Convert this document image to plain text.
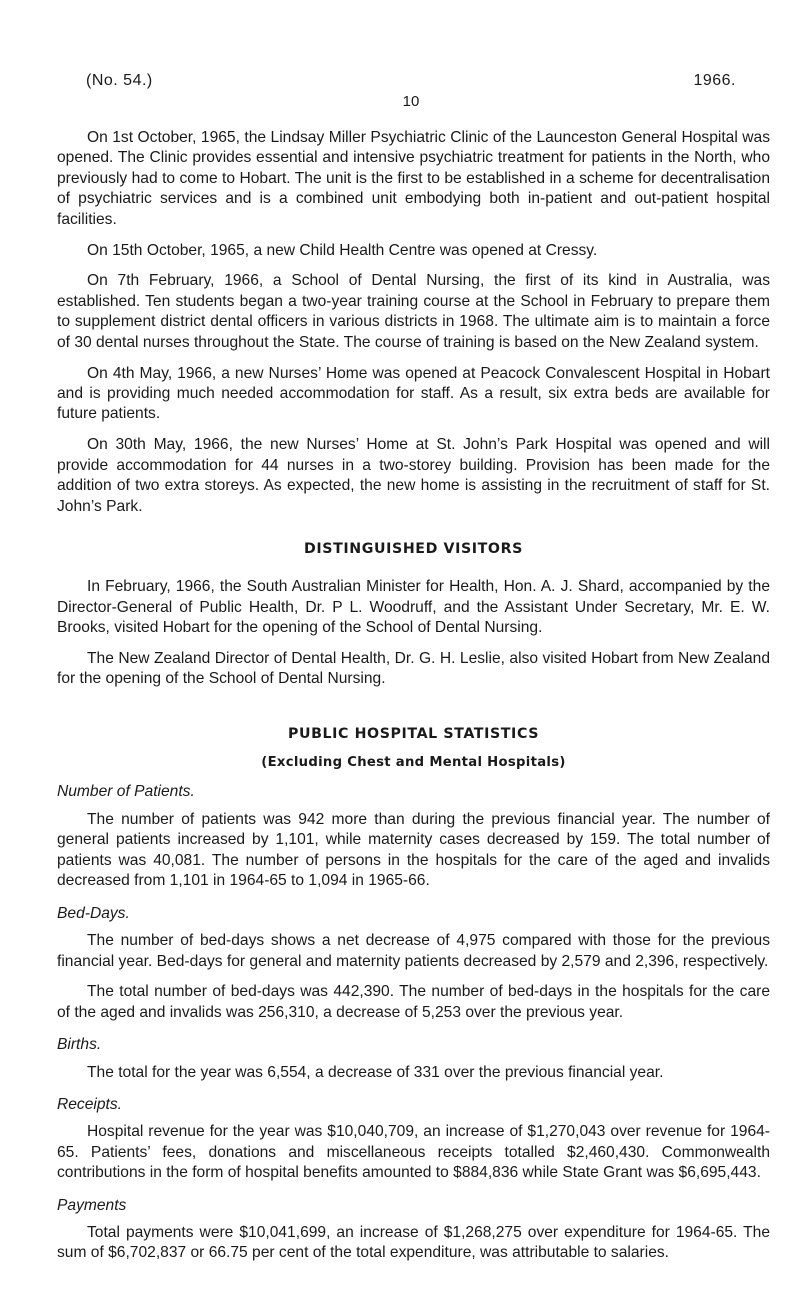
(No. 54.)	1966.
10

On 1st October, 1965, the Lindsay Miller Psychiatric Clinic of the Launceston General Hospital was opened. The Clinic provides essential and intensive psychiatric treatment for patients in the North, who previously had to come to Hobart. The unit is the first to be established in a scheme for decentralisation of psychiatric services and is a combined unit embodying both in-patient and out-patient hospital facilities.

On 15th October, 1965, a new Child Health Centre was opened at Cressy.

On 7th February, 1966, a School of Dental Nursing, the first of its kind in Australia, was established. Ten students began a two-year training course at the School in February to prepare them to supplement district dental officers in various districts in 1968. The ultimate aim is to maintain a force of 30 dental nurses throughout the State. The course of training is based on the New Zealand system.

On 4th May, 1966, a new Nurses’ Home was opened at Peacock Convalescent Hospital in Hobart and is providing much needed accommodation for staff. As a result, six extra beds are available for future patients.

On 30th May, 1966, the new Nurses’ Home at St. John’s Park Hospital was opened and will provide accommodation for 44 nurses in a two-storey building. Provision has been made for the addition of two extra storeys. As expected, the new home is assisting in the recruitment of staff for St. John’s Park.

DISTINGUISHED VISITORS

In February, 1966, the South Australian Minister for Health, Hon. A. J. Shard, accompanied by the Director-General of Public Health, Dr. P L. Woodruff, and the Assistant Under Secretary, Mr. E. W. Brooks, visited Hobart for the opening of the School of Dental Nursing.

The New Zealand Director of Dental Health, Dr. G. H. Leslie, also visited Hobart from New Zealand for the opening of the School of Dental Nursing.

PUBLIC HOSPITAL STATISTICS
(Excluding Chest and Mental Hospitals)
Number of Patients.

The number of patients was 942 more than during the previous financial year. The number of general patients increased by 1,101, while maternity cases decreased by 159. The total number of patients was 40,081. The number of persons in the hospitals for the care of the aged and invalids decreased from 1,101 in 1964-65 to 1,094 in 1965-66.

Bed-Days.

The number of bed-days shows a net decrease of 4,975 compared with those for the previous financial year. Bed-days for general and maternity patients decreased by 2,579 and 2,396, respectively.

The total number of bed-days was 442,390. The number of bed-days in the hospitals for the care of the aged and invalids was 256,310, a decrease of 5,253 over the previous year.

Births.

The total for the year was 6,554, a decrease of 331 over the previous financial year.

Receipts.

Hospital revenue for the year was $10,040,709, an increase of $1,270,043 over revenue for 1964-65. Patients’ fees, donations and miscellaneous receipts totalled $2,460,430. Commonwealth contributions in the form of hospital benefits amounted to $884,836 while State Grant was $6,695,443.

Payments

Total payments were $10,041,699, an increase of $1,268,275 over expenditure for 1964-65. The sum of $6,702,837 or 66.75 per cent of the total expenditure, was attributable to salaries.
